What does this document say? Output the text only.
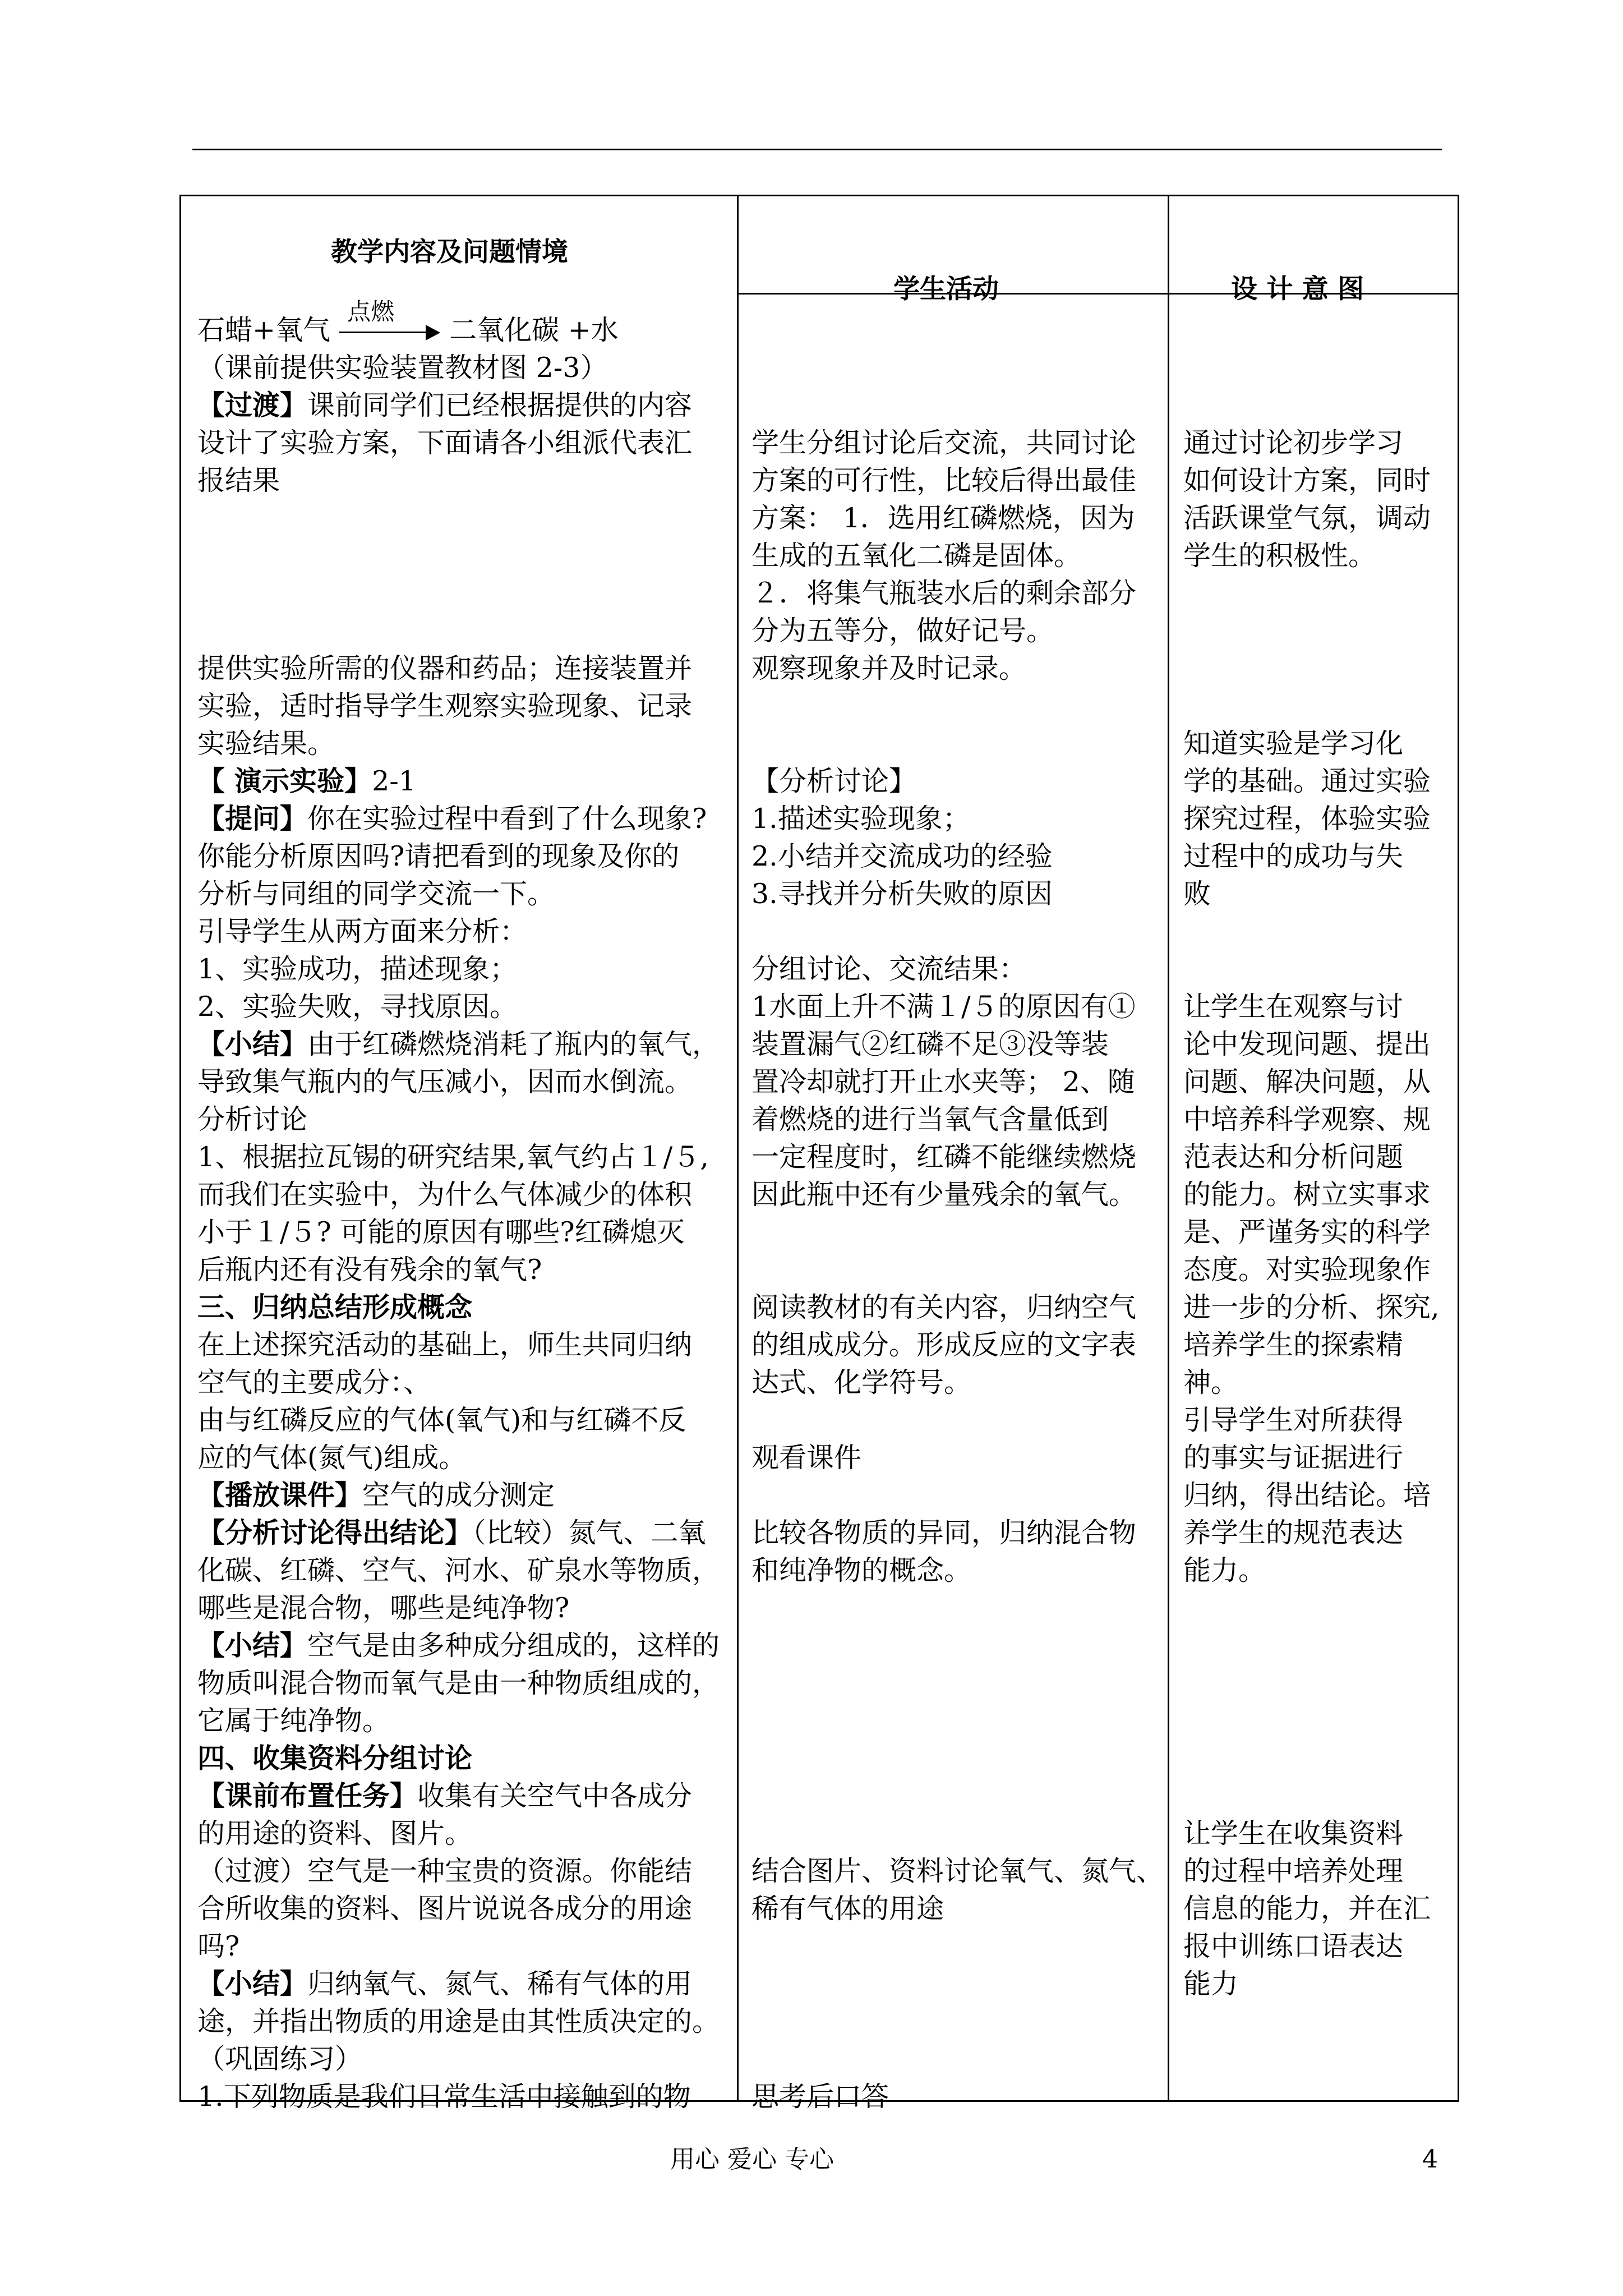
教学内容及问题情境
学生活动	设 计 意 图
石蜡+氧气
点燃
二氧化碳 +水
（课前提供实验装置教材图 2-3）
【过渡】课前同学们已经根据提供的内容
设计了实验方案，下面请各小组派代表汇
报结果
提供实验所需的仪器和药品；连接装置并
实验，适时指导学生观察实验现象、记录
实验结果。
【 演示实验】2-1
【提问】你在实验过程中看到了什么现象?
你能分析原因吗?请把看到的现象及你的
分析与同组的同学交流一下。
引导学生从两方面来分析：
1、实验成功，描述现象；
2、实验失败，寻找原因。
【小结】由于红磷燃烧消耗了瓶内的氧气，
导致集气瓶内的气压减小，因而水倒流。
分析讨论
1、根据拉瓦锡的研究结果,氧气约占１/５,
而我们在实验中，为什么气体减少的体积
小于１/５? 可能的原因有哪些?红磷熄灭
后瓶内还有没有残余的氧气?
三、归纳总结形成概念
在上述探究活动的基础上，师生共同归纳
空气的主要成分：、
由与红磷反应的气体(氧气)和与红磷不反
应的气体(氮气)组成。
【播放课件】空气的成分测定
【分析讨论得出结论】（比较）氮气、二氧
化碳、红磷、空气、河水、矿泉水等物质，
哪些是混合物，哪些是纯净物?
【小结】空气是由多种成分组成的，这样的
物质叫混合物而氧气是由一种物质组成的，
它属于纯净物。
四、收集资料分组讨论
【课前布置任务】收集有关空气中各成分
的用途的资料、图片。
（过渡）空气是一种宝贵的资源。你能结
合所收集的资料、图片说说各成分的用途
吗?
【小结】归纳氧气、氮气、稀有气体的用
途，并指出物质的用途是由其性质决定的。
（巩固练习）
1.下列物质是我们日常生活中接触到的物
学生分组讨论后交流，共同讨论
方案的可行性，比较后得出最佳
方案： 1．选用红磷燃烧，因为
生成的五氧化二磷是固体。
２．将集气瓶装水后的剩余部分
分为五等分，做好记号。
观察现象并及时记录。
【分析讨论】
1.描述实验现象；
2.小结并交流成功的经验
3.寻找并分析失败的原因
分组讨论、交流结果：
1水面上升不满１/５的原因有①
装置漏气②红磷不足③没等装
置冷却就打开止水夹等； 2、随
着燃烧的进行当氧气含量低到
一定程度时，红磷不能继续燃烧
因此瓶中还有少量残余的氧气。
阅读教材的有关内容，归纳空气
的组成成分。形成反应的文字表
达式、化学符号。
观看课件
比较各物质的异同，归纳混合物
和纯净物的概念。
结合图片、资料讨论氧气、氮气、
稀有气体的用途
思考后口答
通过讨论初步学习
如何设计方案，同时
活跃课堂气氛，调动
学生的积极性。
知道实验是学习化
学的基础。通过实验
探究过程，体验实验
过程中的成功与失
败
让学生在观察与讨
论中发现问题、提出
问题、解决问题，从
中培养科学观察、规
范表达和分析问题
的能力。树立实事求
是、严谨务实的科学
态度。对实验现象作
进一步的分析、探究,
培养学生的探索精
神。
引导学生对所获得
的事实与证据进行
归纳，得出结论。培
养学生的规范表达
能力。
让学生在收集资料
的过程中培养处理
信息的能力，并在汇
报中训练口语表达
能力
用心 爱心 专心	4
